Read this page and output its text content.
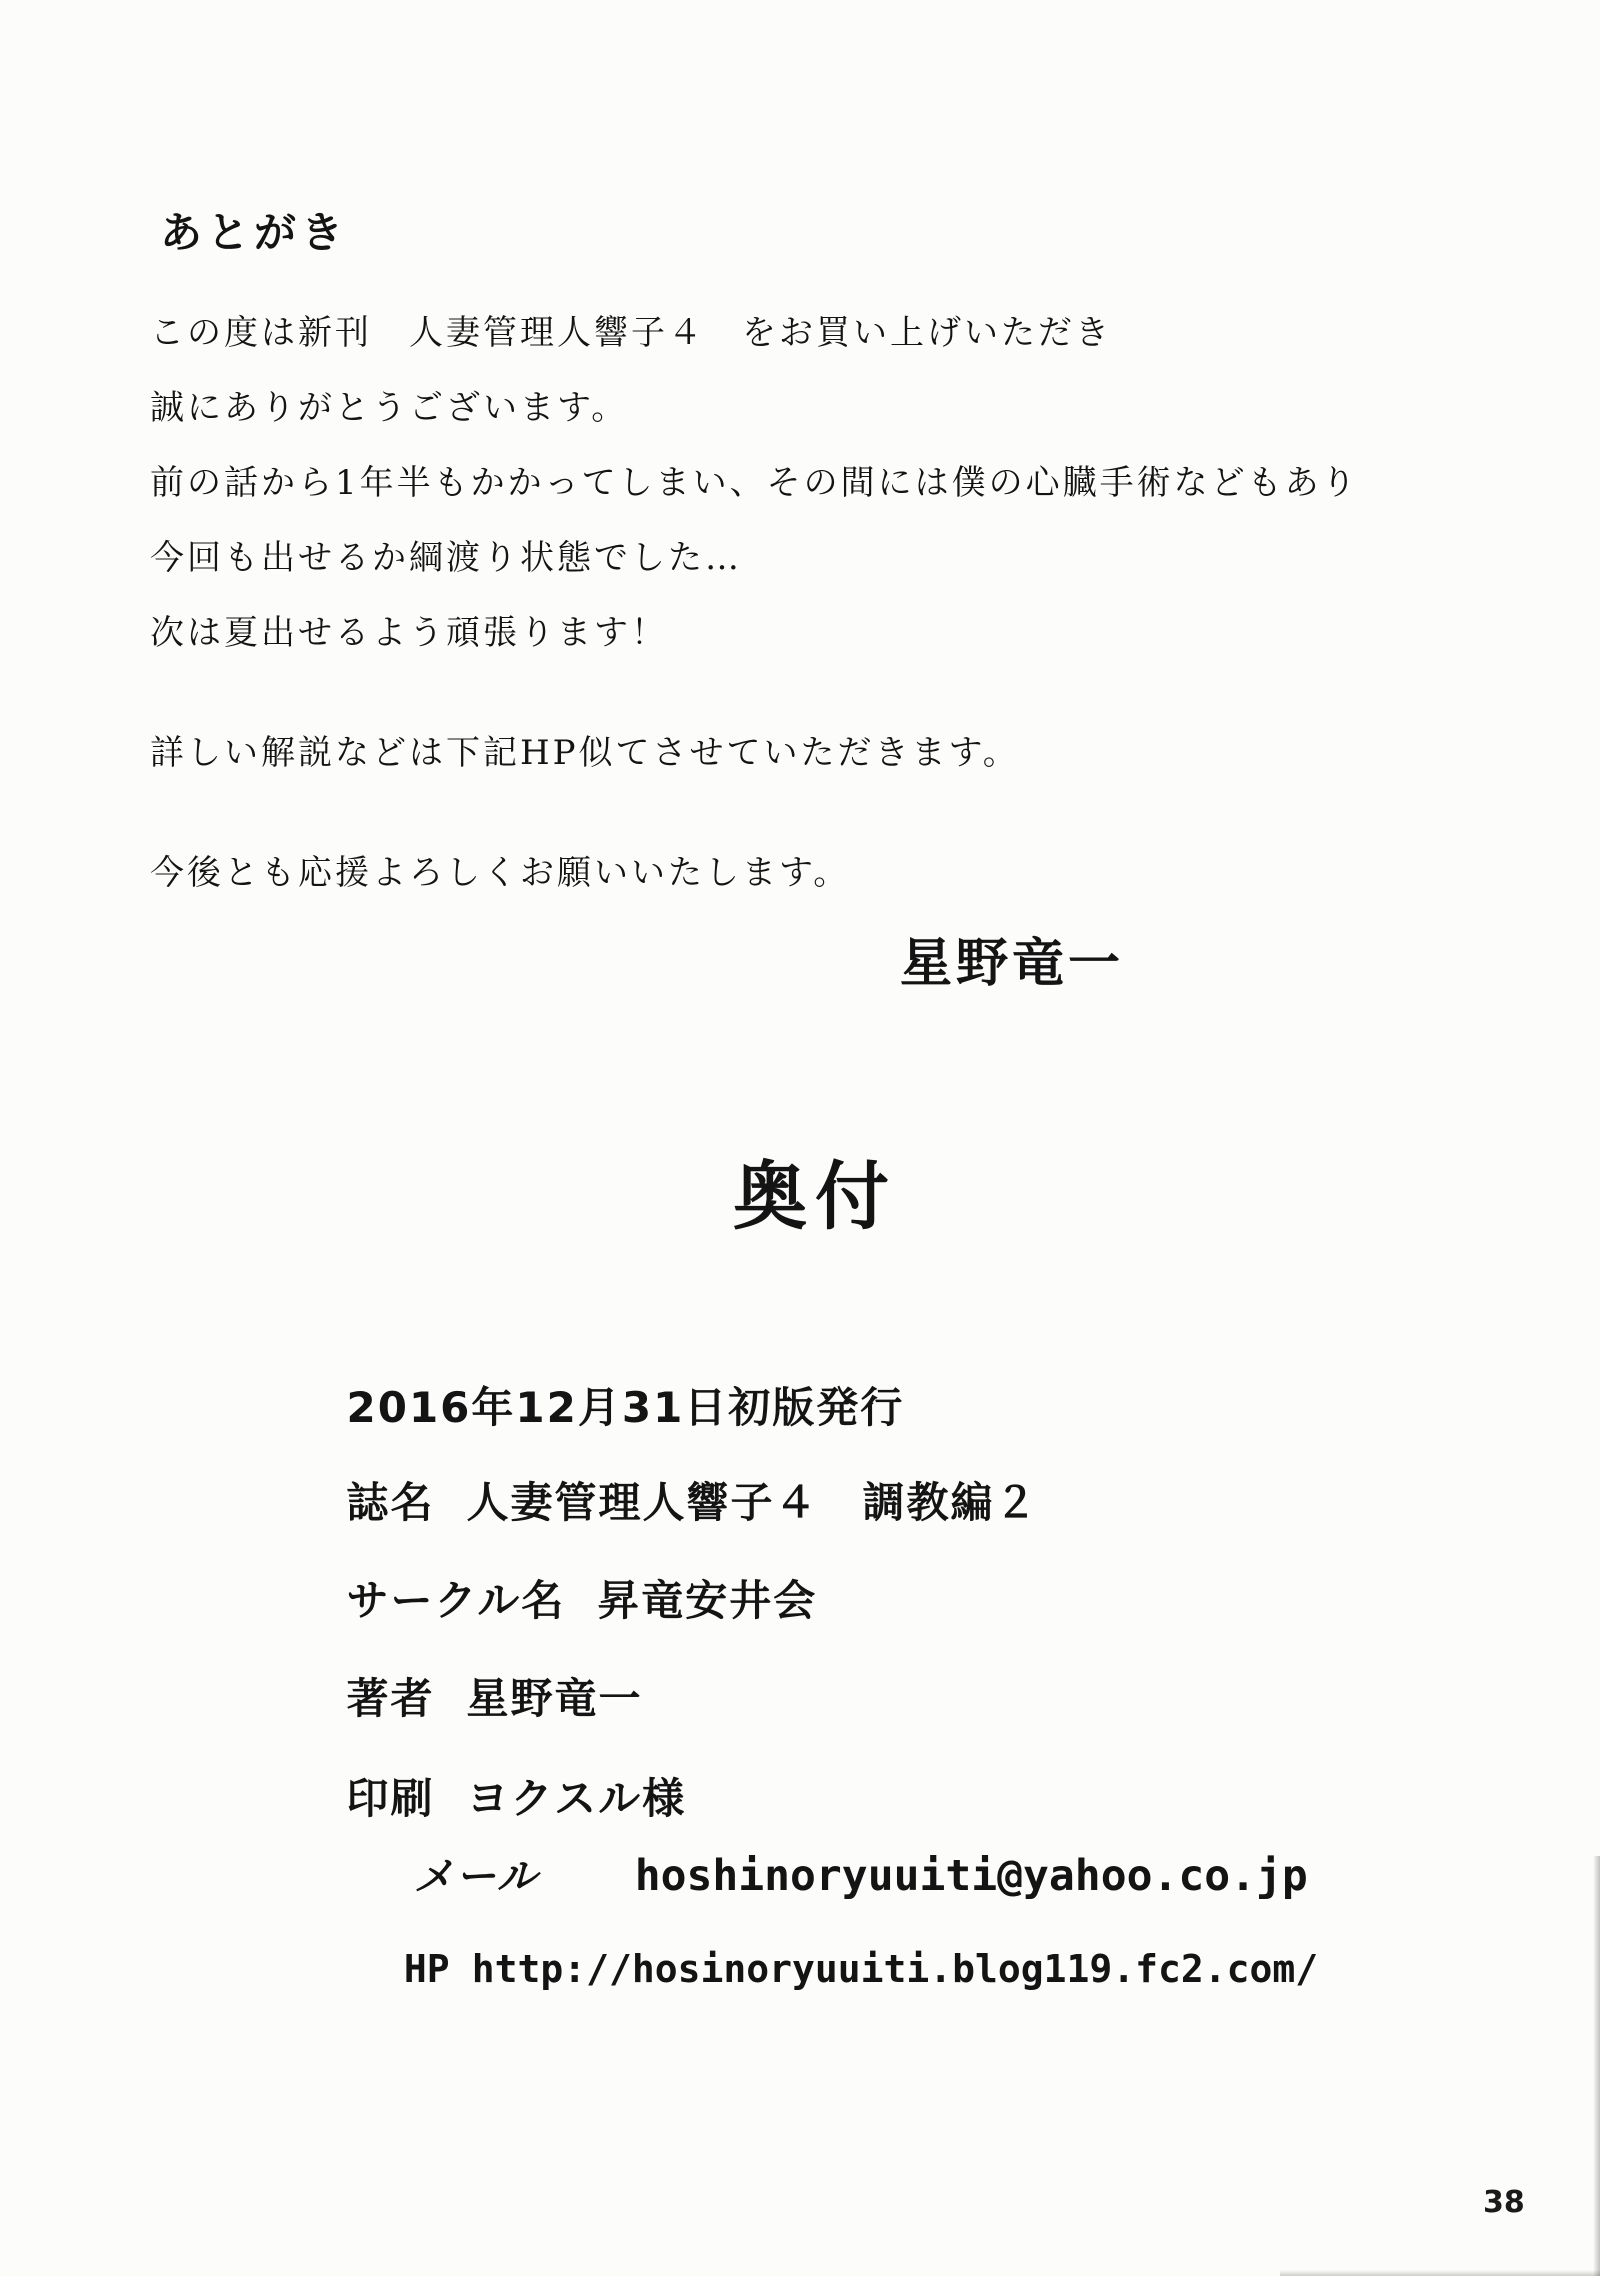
あとがき

この度は新刊　人妻管理人響子４　をお買い上げいただき

誠にありがとうございます。

前の話から1年半もかかってしまい、その間には僕の心臓手術などもあり

今回も出せるか綱渡り状態でした…

次は夏出せるよう頑張ります！

詳しい解説などは下記HP似てさせていただきます。

今後とも応援よろしくお願いいたします。

星野竜一

奥付

2016年12月31日初版発行

誌名 人妻管理人響子４　調教編２

サークル名 昇竜安井会

著者 星野竜一

印刷 ヨクスル様

メール hoshinoryuuiti@yahoo.co.jp

HP http://hosinoryuuiti.blog119.fc2.com/

38
